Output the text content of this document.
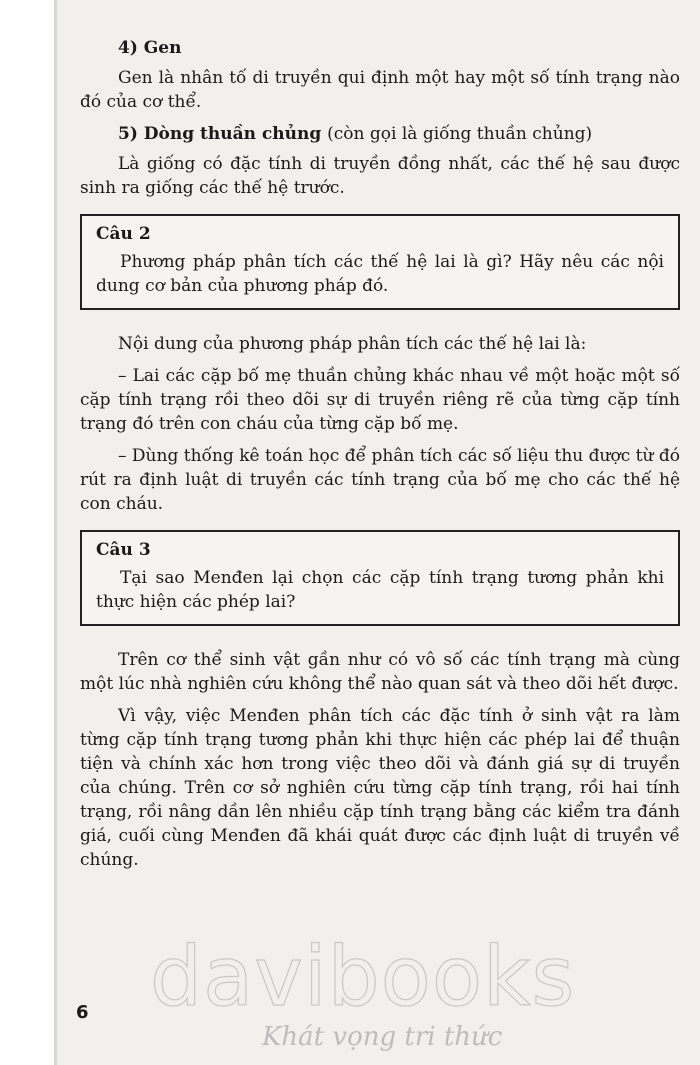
4) Gen

Gen là nhân tố di truyền qui định một hay một số tính trạng nào đó của cơ thể.

5) Dòng thuần chủng (còn gọi là giống thuần chủng)

Là giống có đặc tính di truyền đồng nhất, các thế hệ sau được sinh ra giống các thế hệ trước.

Câu 2

Phương pháp phân tích các thế hệ lai là gì? Hãy nêu các nội dung cơ bản của phương pháp đó.

Nội dung của phương pháp phân tích các thế hệ lai là:

– Lai các cặp bố mẹ thuần chủng khác nhau về một hoặc một số cặp tính trạng rồi theo dõi sự di truyền riêng rẽ của từng cặp tính trạng đó trên con cháu của từng cặp bố mẹ.

– Dùng thống kê toán học để phân tích các số liệu thu được từ đó rút ra định luật di truyền các tính trạng của bố mẹ cho các thế hệ con cháu.

Câu 3

Tại sao Menđen lại chọn các cặp tính trạng tương phản khi thực hiện các phép lai?

Trên cơ thể sinh vật gần như có vô số các tính trạng mà cùng một lúc nhà nghiên cứu không thể nào quan sát và theo dõi hết được.

Vì vậy, việc Menđen phân tích các đặc tính ở sinh vật ra làm từng cặp tính trạng tương phản khi thực hiện các phép lai để thuận tiện và chính xác hơn trong việc theo dõi và đánh giá sự di truyền của chúng. Trên cơ sở nghiên cứu từng cặp tính trạng, rồi hai tính trạng, rồi nâng dần lên nhiều cặp tính trạng bằng các kiểm tra đánh giá, cuối cùng Menđen đã khái quát được các định luật di truyền về chúng.

davibooks
Khát vọng tri thức
6
